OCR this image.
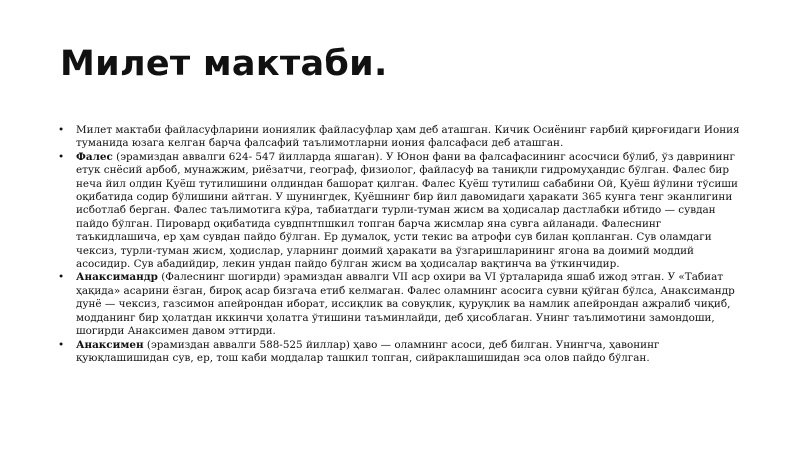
Милет мактаби.
• Милет мактаби файласуфларини иониялик файласуфлар ҳам деб аташган. Кичик Осиёнинг ғарбий қирғоғидаги Иония туманида юзага келган барча фалсафий таълимотларни иония фалсафаси деб аташган.
• Фалес (эрамиздан аввалги 624- 547 йилларда яшаган). У Юнон фани ва фалсафасининг асосчиси бўлиб, ўз даврининг етук снёсий арбоб, мунажжим, риёзатчи, географ, физиолог, файласуф ва таниқли гидромуҳандис бўлган. Фалес бир неча йил олдин Қуёш тутилишини олдиндан башорат қилган. Фалес Қуёш тутилиш сабабини Ой, Қуёш йўлини тўсиши оқибатида содир бўлишини айтган. У шунингдек, Қуёшнинг бир йил давомидаги ҳаракати 365 кунга тенг эканлигини исботлаб берган. Фалес таълимотига кўра, табиатдаги турли-туман жисм ва ҳодисалар дастлабки ибтидо — сувдан пайдо бўлган. Пировард оқибатида сувдпнтпшкил топган барча жисмлар яна сувга айланади. Фалеснинг таъкидлашича, ер ҳам сувдан пайдо бўлган. Ер думалоқ, усти текис ва атрофи сув билан қопланган. Сув оламдаги чексиз, турли-туман жисм, ҳодислар, уларнинг доимий ҳаракати ва ўзгаришларининг ягона ва доимий моддий асосидир. Сув абадийдир, лекин ундан пайдо бўлган жисм ва ҳодисалар вақтинча ва ўткинчидир.
• Анаксимандр (Фалеснинг шогирди) эрамиздан аввалги VII аср охири ва VI ўрталарида яшаб ижод этган. У «Табиат ҳақида» асарини ёзган, бироқ асар бизгача етиб келмаган. Фалес оламнинг асосига сувни қўйган бўлса, Анаксимандр дунё — чексиз, газсимон апейрондан иборат, иссиқлик ва совуқлик, қуруқлик ва намлик апейрондан ажралиб чиқиб, модданинг бир ҳолатдан иккинчи ҳолатга ўтишини таъминлайди, деб ҳисоблаган. Унинг таълимотини замондоши, шогирди Анаксимен давом эттирди.
• Анаксимен (эрамиздан аввалги 588-525 йиллар) ҳаво — оламнинг асоси, деб билган. Унингча, ҳавонинг қуюқлашишидан сув, ер, тош каби моддалар ташкил топган, сийраклашишидан эса олов пайдо бўлган.
